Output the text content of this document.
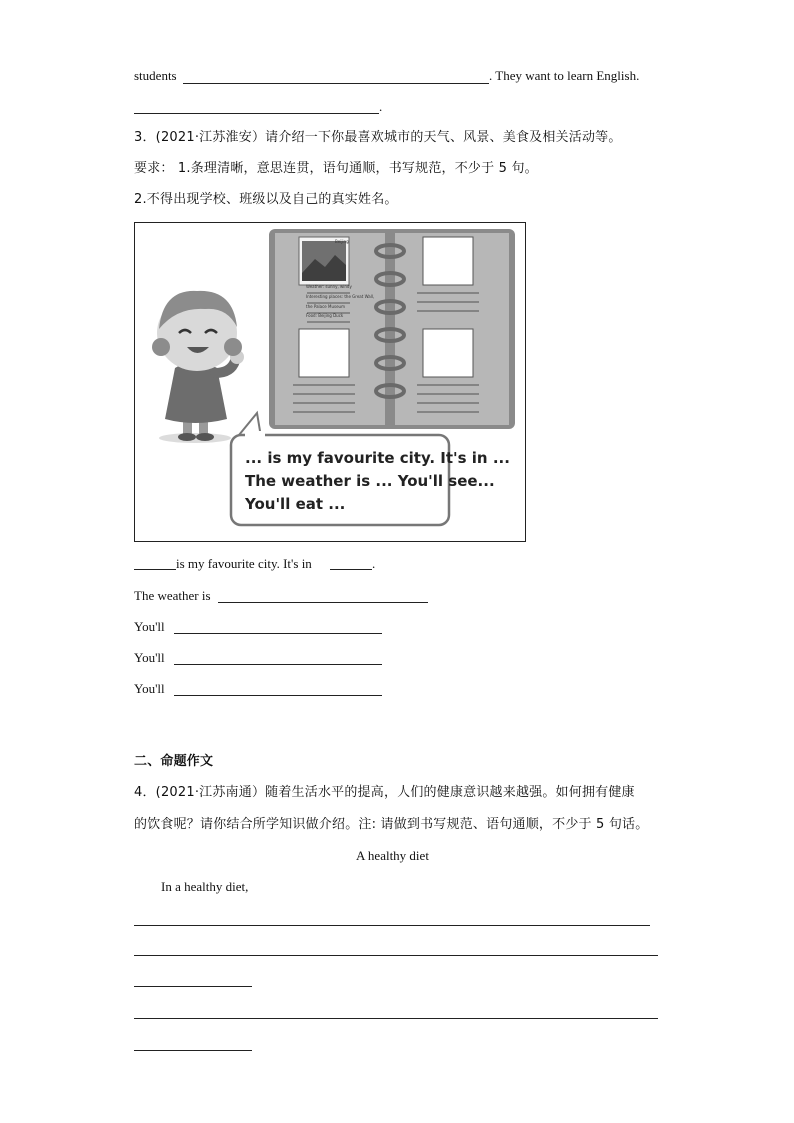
students	. They want to learn English.
.
3．(2021·江苏淮安）请介绍一下你最喜欢城市的天气、风景、美食及相关活动等。
要求： 1.条理清晰，意思连贯，语句通顺，书写规范，不少于 5 句。
2.不得出现学校、班级以及自己的真实姓名。
Beijing
Weather: sunny, windy
Interesting places: the Great Wall,
the Palace Museum
Food: Beijing Duck
... is my favourite city. It's in ...
The weather is ... You'll see...
You'll eat ...
is my favourite city. It's in	.
The weather is
You'll
You'll
You'll
二、命题作文
4．(2021·江苏南通）随着生活水平的提高，人们的健康意识越来越强。如何拥有健康
的饮食呢？请你结合所学知识做介绍。注: 请做到书写规范、语句通顺，不少于 5 句话。
A healthy diet
In a healthy diet,
